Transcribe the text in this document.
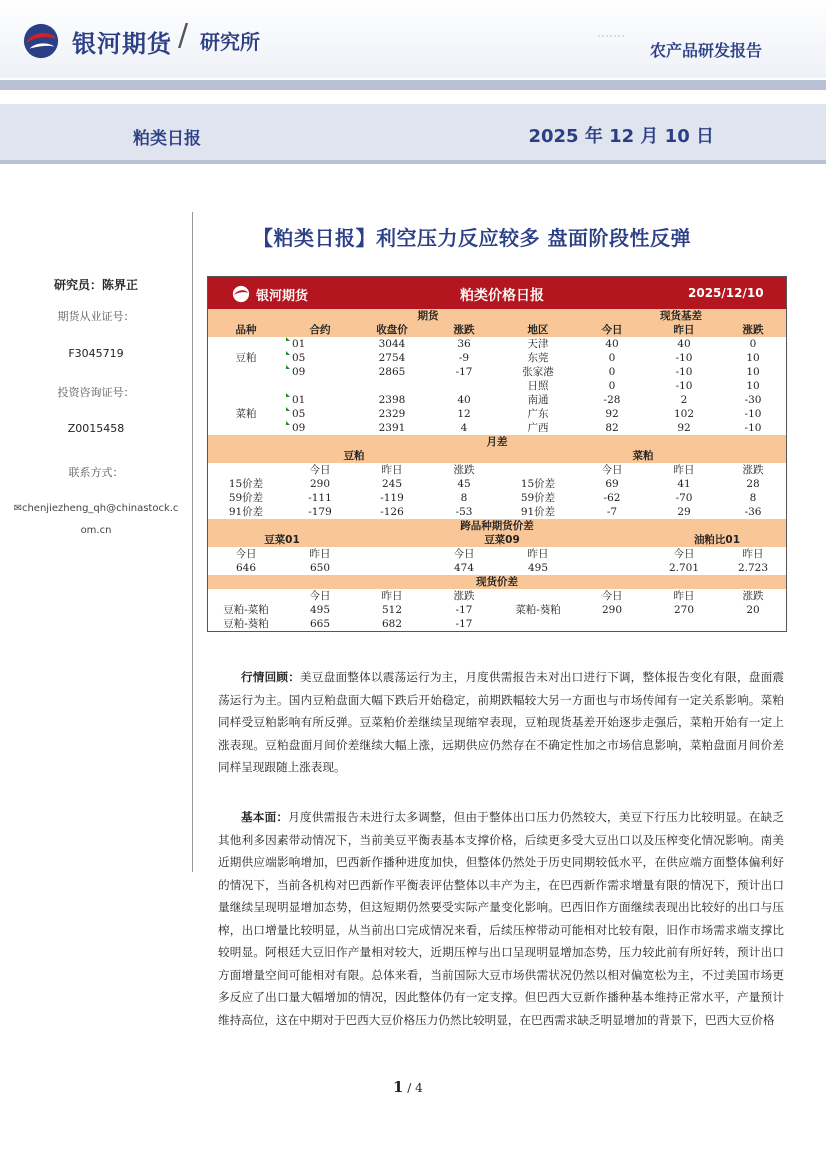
银河期货 / 研究所	农产品研发报告
粕类日报	2025 年 12 月 10 日
研究员：陈界正
期货从业证号：
F3045719
投资咨询证号：
Z0015458
联系方式：
✉chenjiezheng_qh@chinastock.c
om.cn
【粕类日报】利空压力反应较多 盘面阶段性反弹
银河期货	粕类价格日报	2025/12/10
		期货			现货基差		
品种	合约	收盘价	涨跌	地区	今日	昨日	涨跌
	01	3044	36	天津	40	40	0
豆粕	05	2754	-9	东莞	0	-10	10
	09	2865	-17	张家港	0	-10	10
				日照	0	-10	10
	01	2398	40	南通	-28	2	-30
菜粕	05	2329	12	广东	92	102	-10
	09	2391	4	广西	82	92	-10
月差							
豆粕				菜粕			
	今日	昨日	涨跌		今日	昨日	涨跌
15价差	290	245	45	15价差	69	41	28
59价差	-111	-119	8	59价差	-62	-70	8
91价差	-179	-126	-53	91价差	-7	29	-36
跨品种期货价差							
豆菜01			豆菜09			油粕比01	
今日	昨日		今日	昨日		今日	昨日
646	650		474	495		2.701	2.723
现货价差							
	今日	昨日	涨跌		今日	昨日	涨跌
豆粕-菜粕	495	512	-17	菜粕-葵粕	290	270	20
豆粕-葵粕	665	682	-17				
行情回顾：美豆盘面整体以震荡运行为主，月度供需报告未对出口进行下调，整体报告变化有限，盘面震荡运行为主。国内豆粕盘面大幅下跌后开始稳定，前期跌幅较大另一方面也与市场传闻有一定关系影响。菜粕同样受豆粕影响有所反弹。豆菜粕价差继续呈现缩窄表现，豆粕现货基差开始逐步走强后，菜粕开始有一定上涨表现。豆粕盘面月间价差继续大幅上涨，远期供应仍然存在不确定性加之市场信息影响，菜粕盘面月间价差同样呈现跟随上涨表现。
基本面：月度供需报告未进行太多调整，但由于整体出口压力仍然较大，美豆下行压力比较明显。在缺乏其他利多因素带动情况下，当前美豆平衡表基本支撑价格，后续更多受大豆出口以及压榨变化情况影响。南美近期供应端影响增加，巴西新作播种进度加快，但整体仍然处于历史同期较低水平，在供应端方面整体偏利好的情况下，当前各机构对巴西新作平衡表评估整体以丰产为主，在巴西新作需求增量有限的情况下，预计出口量继续呈现明显增加态势，但这短期仍然要受实际产量变化影响。巴西旧作方面继续表现出比较好的出口与压榨，出口增量比较明显，从当前出口完成情况来看，后续压榨带动可能相对比较有限，旧作市场需求端支撑比较明显。阿根廷大豆旧作产量相对较大，近期压榨与出口呈现明显增加态势，压力较此前有所好转，预计出口方面增量空间可能相对有限。总体来看，当前国际大豆市场供需状况仍然以相对偏宽松为主，不过美国市场更多反应了出口量大幅增加的情况，因此整体仍有一定支撑。但巴西大豆新作播种基本维持正常水平，产量预计维持高位，这在中期对于巴西大豆价格压力仍然比较明显，在巴西需求缺乏明显增加的背景下，巴西大豆价格
1 / 4
